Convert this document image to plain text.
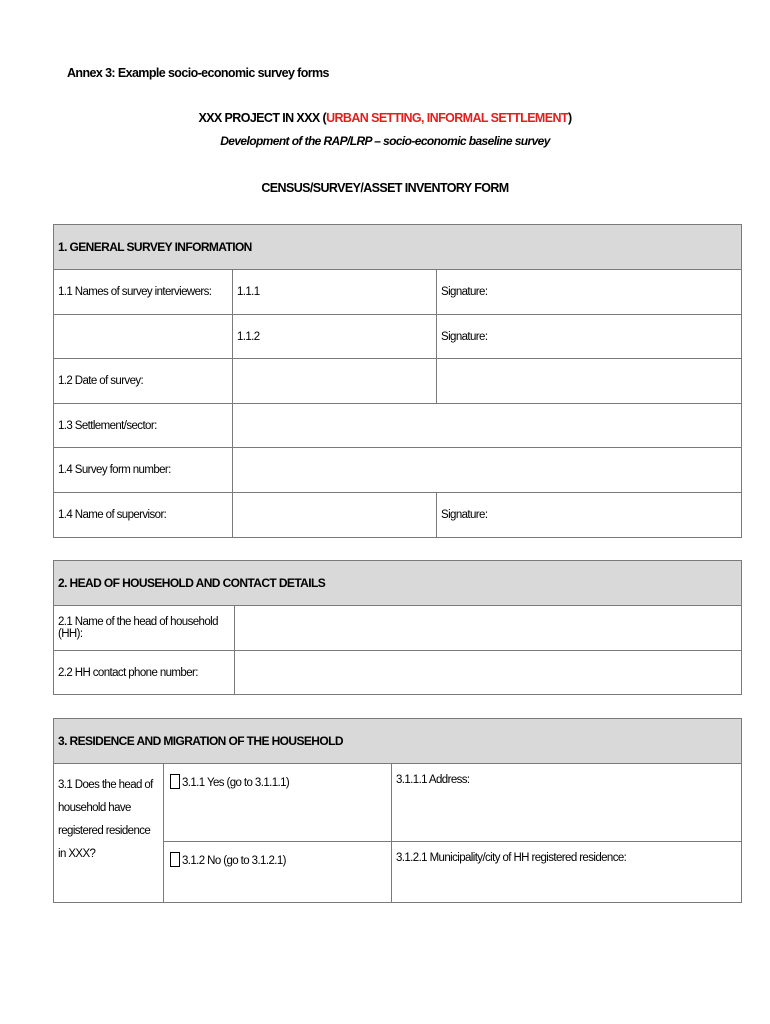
Annex 3: Example socio-economic survey forms
XXX PROJECT IN XXX (URBAN SETTING, INFORMAL SETTLEMENT)
Development of the RAP/LRP – socio-economic baseline survey
CENSUS/SURVEY/ASSET INVENTORY FORM
1. GENERAL SURVEY INFORMATION		
1.1 Names of survey interviewers:	1.1.1	Signature:
	1.1.2	Signature:
1.2 Date of survey:		
1.3 Settlement/sector:		
1.4 Survey form number:		
1.4 Name of supervisor:		Signature:
2. HEAD OF HOUSEHOLD AND CONTACT DETAILS	
2.1 Name of the head of household (HH):	
2.2 HH contact phone number:	
3. RESIDENCE AND MIGRATION OF THE HOUSEHOLD		
3.1 Does the head of household have registered residence in XXX?	3.1.1 Yes (go to 3.1.1.1)	3.1.1.1 Address:
	3.1.2 No (go to 3.1.2.1)	3.1.2.1 Municipality/city of HH registered residence:
